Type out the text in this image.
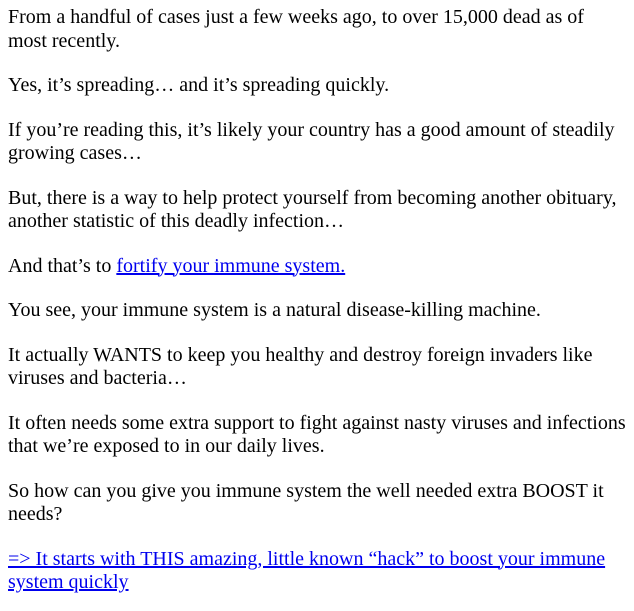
From a handful of cases just a few weeks ago, to over 15,000 dead as of most recently.

Yes, it’s spreading… and it’s spreading quickly.

If you’re reading this, it’s likely your country has a good amount of steadily growing cases…

But, there is a way to help protect yourself from becoming another obituary, another statistic of this deadly infection…

And that’s to fortify your immune system.

You see, your immune system is a natural disease-killing machine.

It actually WANTS to keep you healthy and destroy foreign invaders like viruses and bacteria…

It often needs some extra support to fight against nasty viruses and infections that we’re exposed to in our daily lives.

So how can you give you immune system the well needed extra BOOST it needs?

=> It starts with THIS amazing, little known “hack” to boost your immune system quickly
